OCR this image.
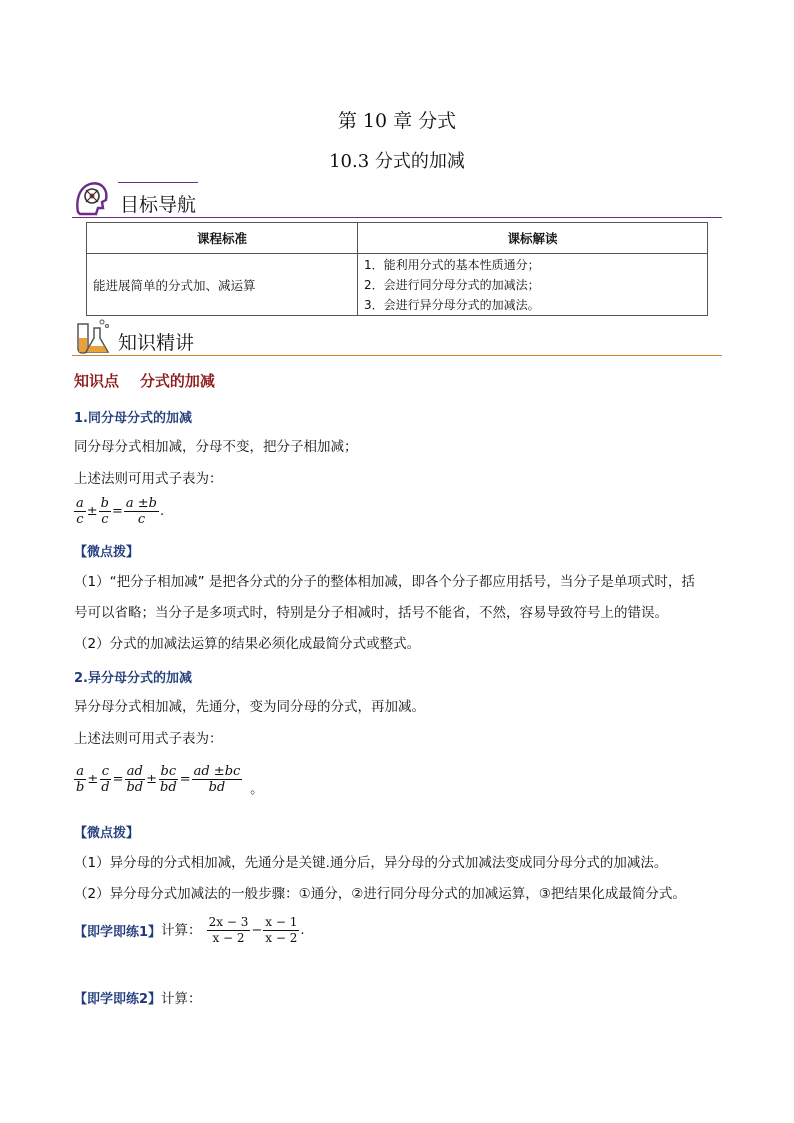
第 10 章 分式
10.3 分式的加减
目标导航
课程标准	课标解读
能进展简单的分式加、减运算	1．能利用分式的基本性质通分；
2．会进行同分母分式的加减法；
3．会进行异分母分式的加减法。
知识精讲
知识点    分式的加减
1.同分母分式的加减
同分母分式相加减，分母不变，把分子相加减；
上述法则可用式子表为：
$\frac{a}{c} \pm \frac{b}{c} = \frac{a \pm b}{c}$ .
【微点拨】
（1）“把分子相加减” 是把各分式的分子的整体相加减，即各个分子都应用括号，当分子是单项式时，括
号可以省略；当分子是多项式时，特别是分子相减时，括号不能省，不然，容易导致符号上的错误。
（2）分式的加减法运算的结果必须化成最简分式或整式。
2.异分母分式的加减
异分母分式相加减，先通分，变为同分母的分式，再加减。
上述法则可用式子表为：
$\frac{a}{b} \pm \frac{c}{d} = \frac{ad}{bd} \pm \frac{bc}{bd} = \frac{ad \pm bc}{bd} _。$
【微点拨】
（1）异分母的分式相加减，先通分是关键.通分后，异分母的分式加减法变成同分母分式的加减法。
（2）异分母分式加减法的一般步骤：①通分，②进行同分母分式的加减运算，③把结果化成最简分式。
【即学即练1】计算： $\frac{2x - 3}{x - 2} - \frac{x - 1}{x - 2}$ .
【即学即练2】计算：
